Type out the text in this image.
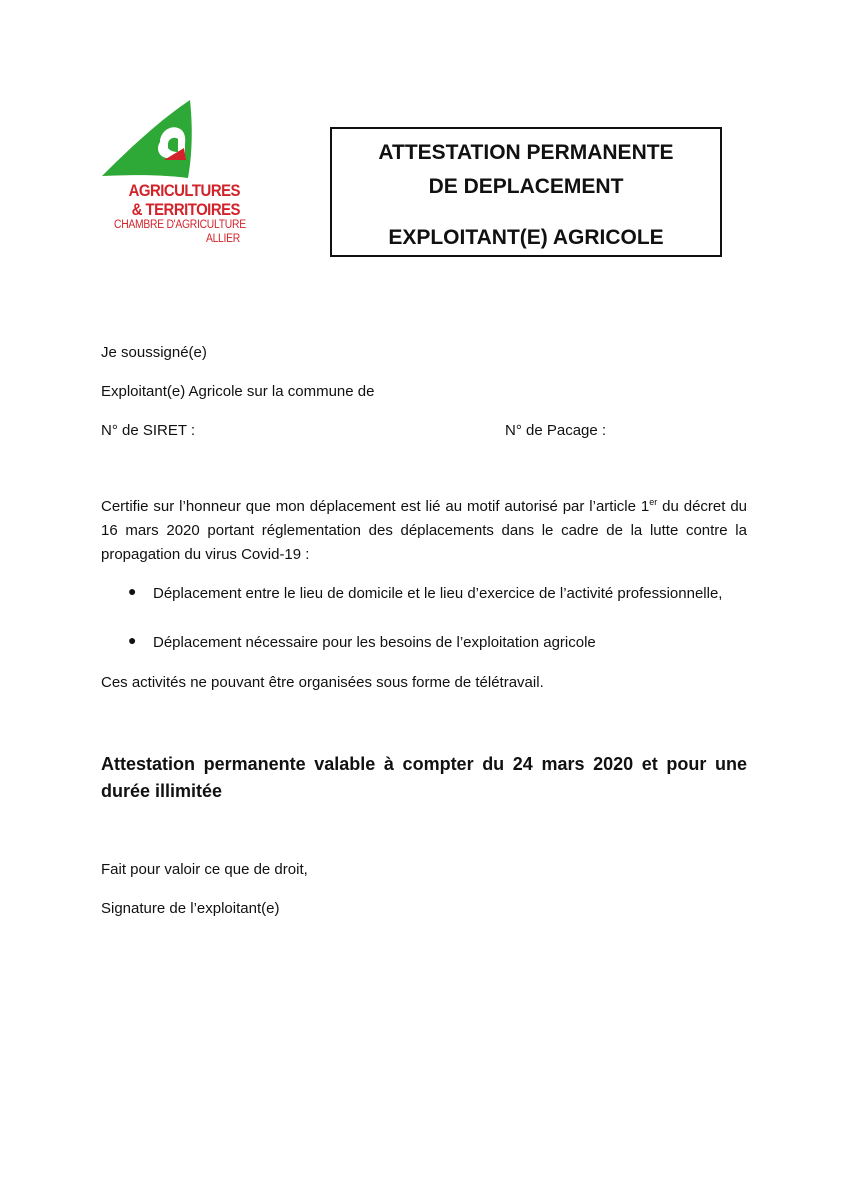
AGRICULTURES
& TERRITOIRES
CHAMBRE D'AGRICULTURE
ALLIER
ATTESTATION PERMANENTE
DE DEPLACEMENT
EXPLOITANT(E) AGRICOLE
Je soussigné(e)
Exploitant(e) Agricole sur la commune de
N° de SIRET :	N° de Pacage :
Certifie sur l’honneur que mon déplacement est lié au motif autorisé par l’article 1er du décret du 16 mars 2020 portant réglementation des déplacements dans le cadre de la lutte contre la propagation du virus Covid-19 :
● Déplacement entre le lieu de domicile et le lieu d’exercice de l’activité professionnelle,
● Déplacement nécessaire pour les besoins de l’exploitation agricole
Ces activités ne pouvant être organisées sous forme de télétravail.
Attestation permanente valable à compter du 24 mars 2020 et pour une durée illimitée
Fait pour valoir ce que de droit,
Signature de l’exploitant(e)
